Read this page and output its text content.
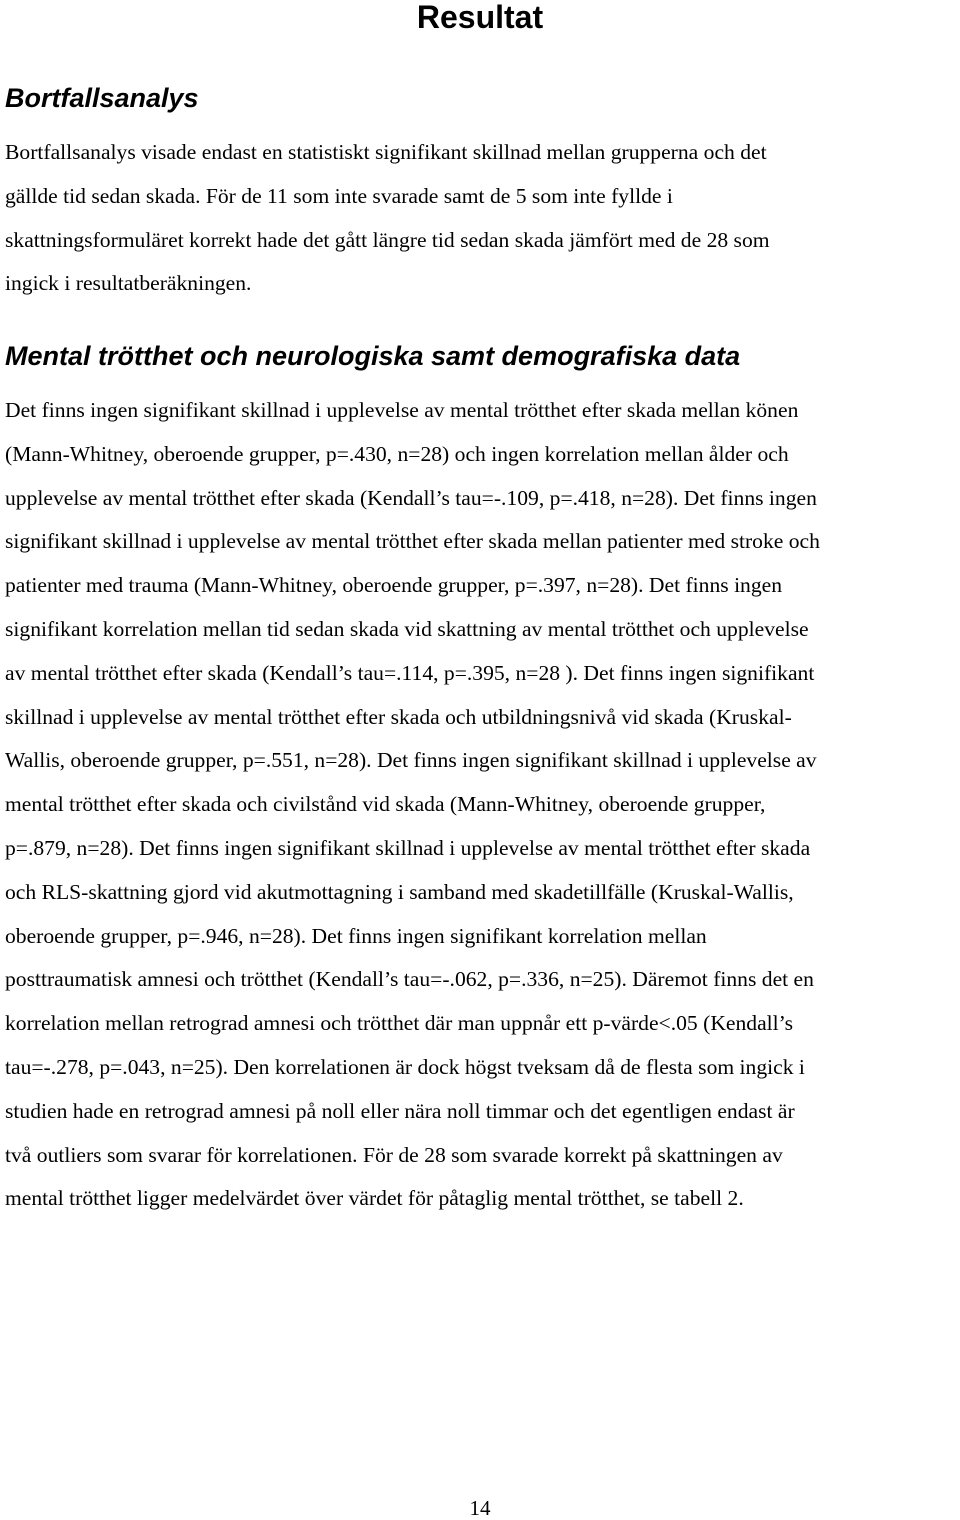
Resultat
Bortfallsanalys

Bortfallsanalys visade endast en statistiskt signifikant skillnad mellan grupperna och det
gällde tid sedan skada. För de 11 som inte svarade samt de 5 som inte fyllde i
skattningsformuläret korrekt hade det gått längre tid sedan skada jämfört med de 28 som
ingick i resultatberäkningen.

Mental trötthet och neurologiska samt demografiska data

Det finns ingen signifikant skillnad i upplevelse av mental trötthet efter skada mellan könen
(Mann-Whitney, oberoende grupper, p=.430, n=28) och ingen korrelation mellan ålder och
upplevelse av mental trötthet efter skada (Kendall’s tau=-.109, p=.418, n=28). Det finns ingen
signifikant skillnad i upplevelse av mental trötthet efter skada mellan patienter med stroke och
patienter med trauma (Mann-Whitney, oberoende grupper, p=.397, n=28). Det finns ingen
signifikant korrelation mellan tid sedan skada vid skattning av mental trötthet och upplevelse
av mental trötthet efter skada (Kendall’s tau=.114, p=.395, n=28 ). Det finns ingen signifikant
skillnad i upplevelse av mental trötthet efter skada och utbildningsnivå vid skada (Kruskal-
Wallis, oberoende grupper, p=.551, n=28). Det finns ingen signifikant skillnad i upplevelse av
mental trötthet efter skada och civilstånd vid skada (Mann-Whitney, oberoende grupper,
p=.879, n=28). Det finns ingen signifikant skillnad i upplevelse av mental trötthet efter skada
och RLS-skattning gjord vid akutmottagning i samband med skadetillfälle (Kruskal-Wallis,
oberoende grupper, p=.946, n=28). Det finns ingen signifikant korrelation mellan
posttraumatisk amnesi och trötthet (Kendall’s tau=-.062, p=.336, n=25). Däremot finns det en
korrelation mellan retrograd amnesi och trötthet där man uppnår ett p-värde<.05 (Kendall’s
tau=-.278, p=.043, n=25). Den korrelationen är dock högst tveksam då de flesta som ingick i
studien hade en retrograd amnesi på noll eller nära noll timmar och det egentligen endast är
två outliers som svarar för korrelationen. För de 28 som svarade korrekt på skattningen av
mental trötthet ligger medelvärdet över värdet för påtaglig mental trötthet, se tabell 2.

14
